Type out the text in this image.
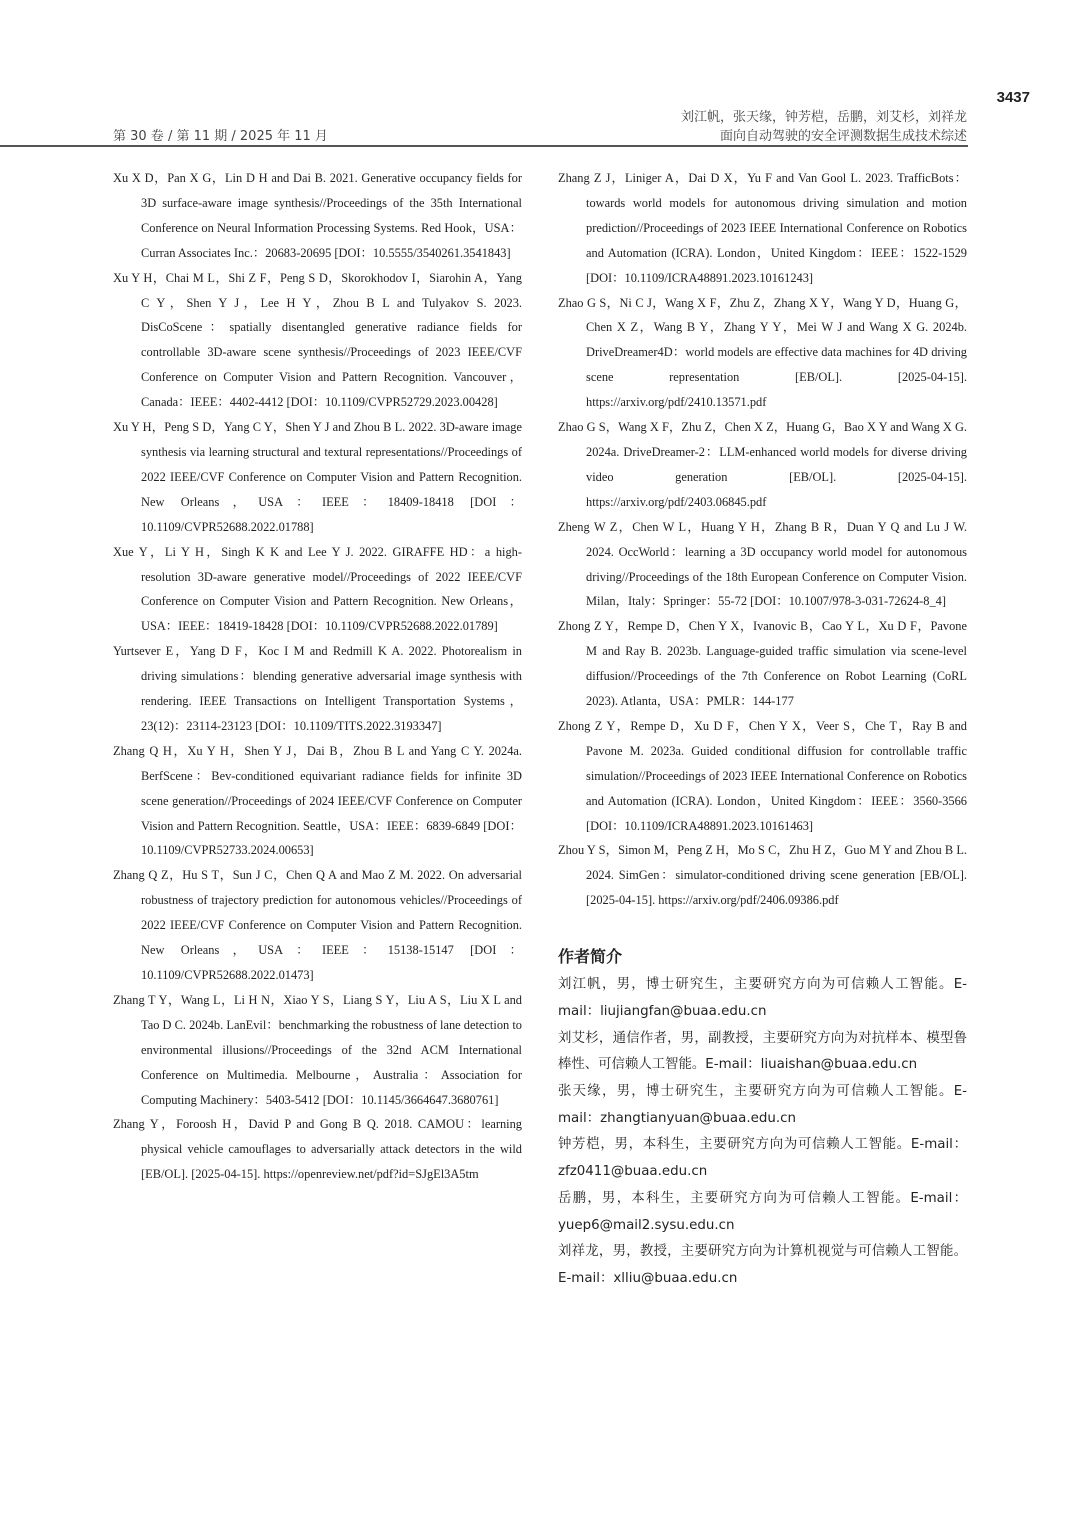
3437
第 30 卷 / 第 11 期 / 2025 年 11 月
刘江帆，张天缘，钟芳桤，岳鹏，刘艾杉，刘祥龙
面向自动驾驶的安全评测数据生成技术综述

Xu X D，Pan X G，Lin D H and Dai B. 2021. Generative occupancy fields for 3D surface-aware image synthesis//Proceedings of the 35th International Conference on Neural Information Processing Systems. Red Hook，USA：Curran Associates Inc.：20683-20695 [DOI：10.5555/3540261.3541843]

Xu Y H，Chai M L，Shi Z F，Peng S D，Skorokhodov I，Siarohin A，Yang C Y，Shen Y J，Lee H Y，Zhou B L and Tulyakov S. 2023. DisCoScene：spatially disentangled generative radiance fields for controllable 3D-aware scene synthesis//Proceedings of 2023 IEEE/CVF Conference on Computer Vision and Pattern Recognition. Vancouver，Canada：IEEE：4402-4412 [DOI：10.1109/CVPR52729.2023.00428]

Xu Y H，Peng S D，Yang C Y，Shen Y J and Zhou B L. 2022. 3D-aware image synthesis via learning structural and textural representations//Proceedings of 2022 IEEE/CVF Conference on Computer Vision and Pattern Recognition. New Orleans，USA：IEEE：18409-18418 [DOI：10.1109/CVPR52688.2022.01788]

Xue Y，Li Y H，Singh K K and Lee Y J. 2022. GIRAFFE HD：a high-resolution 3D-aware generative model//Proceedings of 2022 IEEE/CVF Conference on Computer Vision and Pattern Recognition. New Orleans，USA：IEEE：18419-18428 [DOI：10.1109/CVPR52688.2022.01789]

Yurtsever E，Yang D F，Koc I M and Redmill K A. 2022. Photorealism in driving simulations：blending generative adversarial image synthesis with rendering. IEEE Transactions on Intelligent Transportation Systems，23(12)：23114-23123 [DOI：10.1109/TITS.2022.3193347]

Zhang Q H，Xu Y H，Shen Y J，Dai B，Zhou B L and Yang C Y. 2024a. BerfScene：Bev-conditioned equivariant radiance fields for infinite 3D scene generation//Proceedings of 2024 IEEE/CVF Conference on Computer Vision and Pattern Recognition. Seattle，USA：IEEE：6839-6849 [DOI：10.1109/CVPR52733.2024.00653]

Zhang Q Z，Hu S T，Sun J C，Chen Q A and Mao Z M. 2022. On adversarial robustness of trajectory prediction for autonomous vehicles//Proceedings of 2022 IEEE/CVF Conference on Computer Vision and Pattern Recognition. New Orleans，USA：IEEE：15138-15147 [DOI：10.1109/CVPR52688.2022.01473]

Zhang T Y，Wang L，Li H N，Xiao Y S，Liang S Y，Liu A S，Liu X L and Tao D C. 2024b. LanEvil：benchmarking the robustness of lane detection to environmental illusions//Proceedings of the 32nd ACM International Conference on Multimedia. Melbourne，Australia：Association for Computing Machinery：5403-5412 [DOI：10.1145/3664647.3680761]

Zhang Y，Foroosh H，David P and Gong B Q. 2018. CAMOU：learning physical vehicle camouflages to adversarially attack detectors in the wild [EB/OL]. [2025-04-15]. https://openreview.net/pdf?id=SJgEl3A5tm

Zhang Z J，Liniger A，Dai D X，Yu F and Van Gool L. 2023. TrafficBots：towards world models for autonomous driving simulation and motion prediction//Proceedings of 2023 IEEE International Conference on Robotics and Automation (ICRA). London，United Kingdom：IEEE：1522-1529 [DOI：10.1109/ICRA48891.2023.10161243]

Zhao G S，Ni C J，Wang X F，Zhu Z，Zhang X Y，Wang Y D，Huang G，Chen X Z，Wang B Y，Zhang Y Y，Mei W J and Wang X G. 2024b. DriveDreamer4D：world models are effective data machines for 4D driving scene representation [EB/OL]. [2025-04-15]. https://arxiv.org/pdf/2410.13571.pdf

Zhao G S，Wang X F，Zhu Z，Chen X Z，Huang G，Bao X Y and Wang X G. 2024a. DriveDreamer-2：LLM-enhanced world models for diverse driving video generation [EB/OL]. [2025-04-15]. https://arxiv.org/pdf/2403.06845.pdf

Zheng W Z，Chen W L，Huang Y H，Zhang B R，Duan Y Q and Lu J W. 2024. OccWorld：learning a 3D occupancy world model for autonomous driving//Proceedings of the 18th European Conference on Computer Vision. Milan，Italy：Springer：55-72 [DOI：10.1007/978-3-031-72624-8_4]

Zhong Z Y，Rempe D，Chen Y X，Ivanovic B，Cao Y L，Xu D F，Pavone M and Ray B. 2023b. Language-guided traffic simulation via scene-level diffusion//Proceedings of the 7th Conference on Robot Learning (CoRL 2023). Atlanta，USA：PMLR：144-177

Zhong Z Y，Rempe D，Xu D F，Chen Y X，Veer S，Che T，Ray B and Pavone M. 2023a. Guided conditional diffusion for controllable traffic simulation//Proceedings of 2023 IEEE International Conference on Robotics and Automation (ICRA). London，United Kingdom：IEEE：3560-3566 [DOI：10.1109/ICRA48891.2023.10161463]

Zhou Y S，Simon M，Peng Z H，Mo S C，Zhu H Z，Guo M Y and Zhou B L. 2024. SimGen：simulator-conditioned driving scene generation [EB/OL]. [2025-04-15]. https://arxiv.org/pdf/2406.09386.pdf

作者简介

刘江帆，男，博士研究生，主要研究方向为可信赖人工智能。E-mail：liujiangfan@buaa.edu.cn

刘艾杉，通信作者，男，副教授，主要研究方向为对抗样本、模型鲁棒性、可信赖人工智能。E-mail：liuaishan@buaa.edu.cn

张天缘，男，博士研究生，主要研究方向为可信赖人工智能。E-mail：zhangtianyuan@buaa.edu.cn

钟芳桤，男，本科生，主要研究方向为可信赖人工智能。E-mail：zfz0411@buaa.edu.cn

岳鹏，男，本科生，主要研究方向为可信赖人工智能。E-mail：yuep6@mail2.sysu.edu.cn

刘祥龙，男，教授，主要研究方向为计算机视觉与可信赖人工智能。E-mail：xlliu@buaa.edu.cn
